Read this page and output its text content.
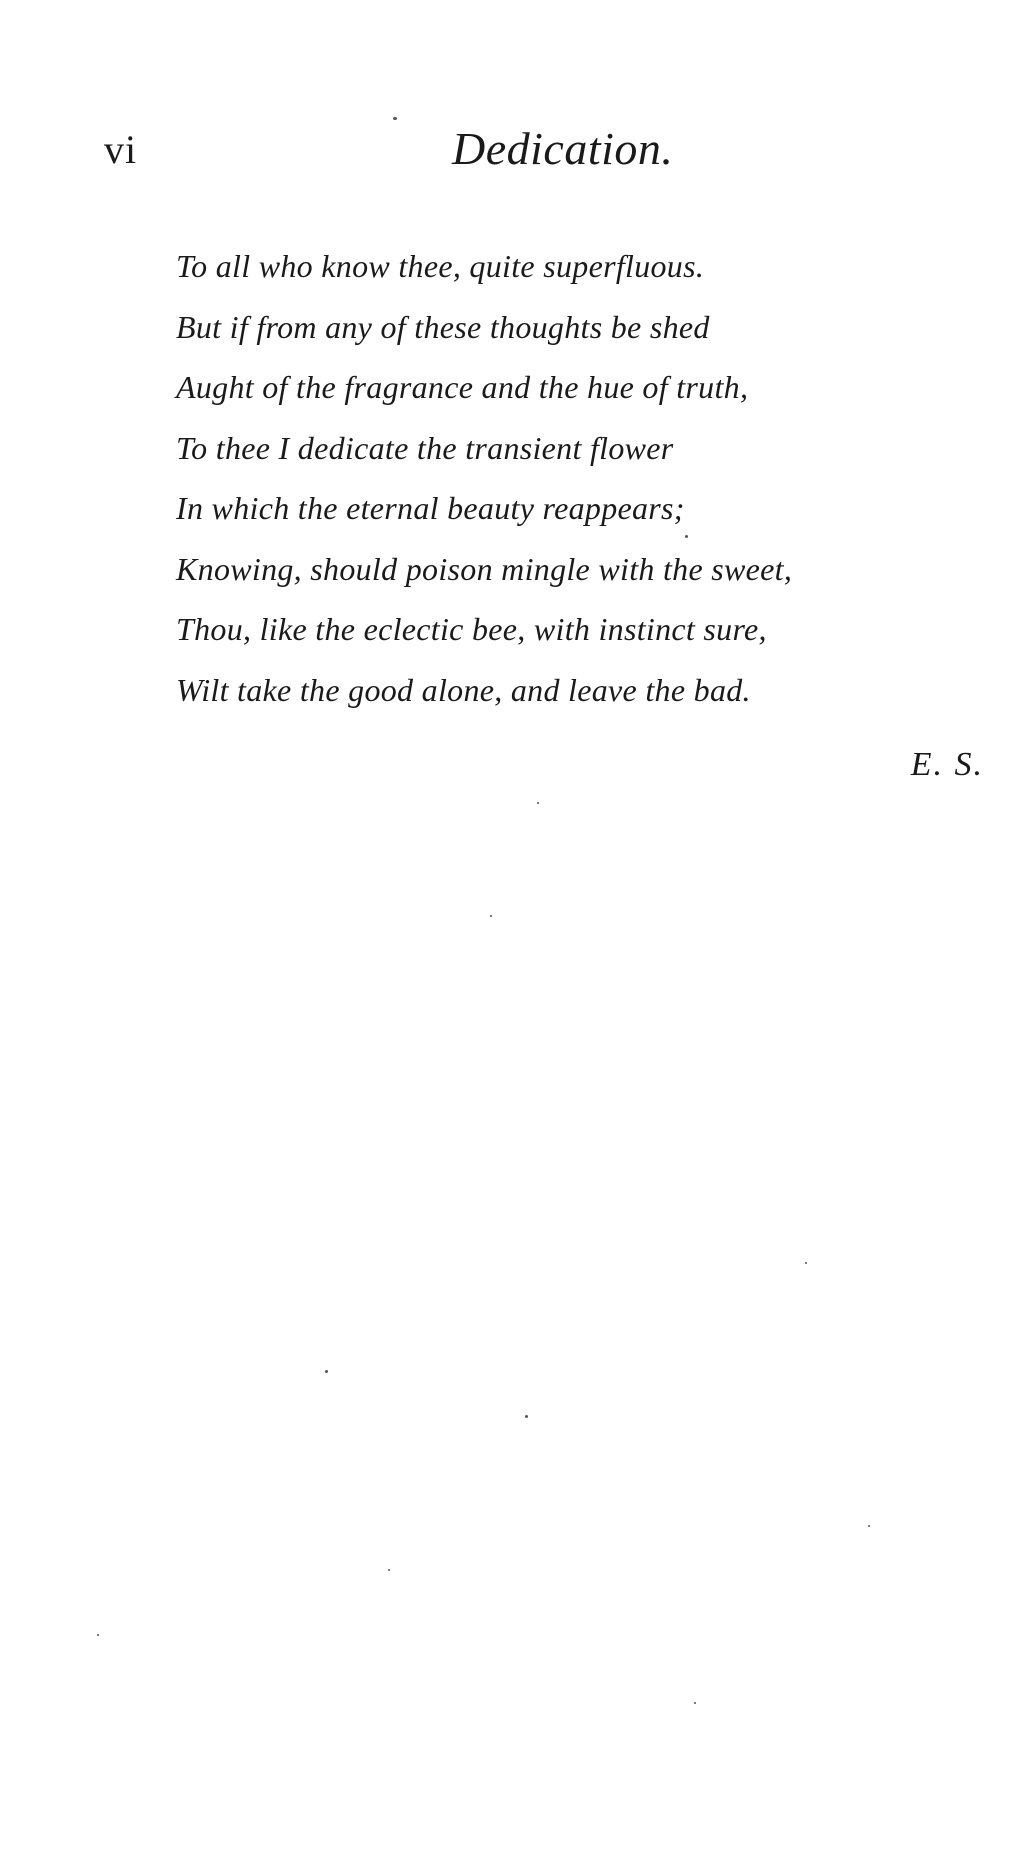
vi	Dedication.
To all who know thee, quite superfluous.
But if from any of these thoughts be shed
Aught of the fragrance and the hue of truth,
To thee I dedicate the transient flower
In which the eternal beauty reappears;
Knowing, should poison mingle with the sweet,
Thou, like the eclectic bee, with instinct sure,
Wilt take the good alone, and leave the bad.
E. S.
